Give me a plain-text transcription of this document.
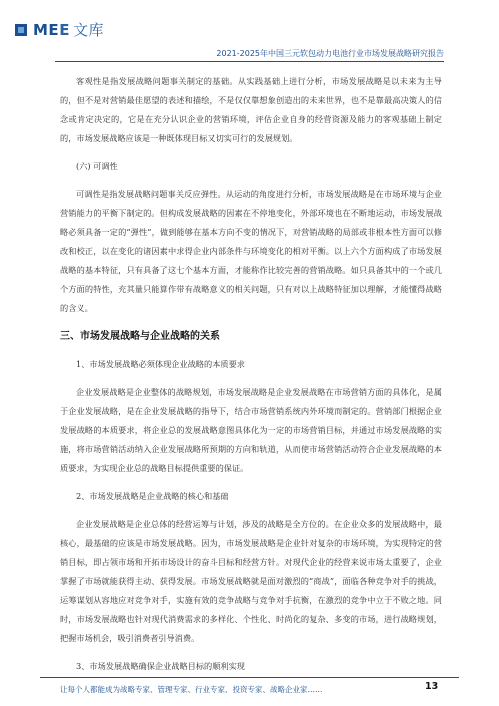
MEE 文库
2021-2025年中国三元软包动力电池行业市场发展战略研究报告

客观性是指发展战略问题事关制定的基础。从实践基础上进行分析，市场发展战略是以未来为主导的，但不是对营销最佳愿望的表述和描绘，不是仅仅靠想象创造出的未来世界，也不是靠最高决策人的信念或肯定决定的，它是在充分认识企业的营销环境，评估企业自身的经营资源及能力的客观基础上制定的，市场发展战略应该是一种既体现目标又切实可行的发展规划。

(六) 可调性

可调性是指发展战略问题事关反应弹性。从运动的角度进行分析，市场发展战略是在市场环境与企业营销能力的平衡下制定的。但构成发展战略的因素在不停地变化，外部环境也在不断地运动，市场发展战略必须具备一定的“弹性”，做到能够在基本方向不变的情况下，对营销战略的局部或非根本性方面可以修改和校正，以在变化的诸因素中求得企业内部条件与环境变化的相对平衡。以上六个方面构成了市场发展战略的基本特征，只有具备了这七个基本方面，才能称作比较完善的营销战略。如只具备其中的一个或几个方面的特性，充其量只能算作带有战略意义的相关问题，只有对以上战略特征加以理解，才能懂得战略的含义。

三、市场发展战略与企业战略的关系

1、市场发展战略必须体现企业战略的本质要求

企业发展战略是企业整体的战略规划，市场发展战略是企业发展战略在市场营销方面的具体化，是属于企业发展战略，是在企业发展战略的指导下，结合市场营销系统内外环境而制定的。营销部门根据企业发展战略的本质要求，将企业总的发展战略意图具体化为一定的市场营销目标，并通过市场发展战略的实施，将市场营销活动纳入企业发展战略所预期的方向和轨道，从而使市场营销活动符合企业发展战略的本质要求，为实现企业总的战略目标提供重要的保证。

2、市场发展战略是企业战略的核心和基础

企业发展战略是企业总体的经营运筹与计划，涉及的战略是全方位的。在企业众多的发展战略中，最核心，最基础的应该是市场发展战略。因为，市场发展战略是企业针对复杂的市场环境，为实现特定的营销目标，即占领市场和开拓市场设计的奋斗目标和经营方针。对现代企业的经营来说市场太重要了，企业掌握了市场就能获得主动、获得发展。市场发展战略就是面对激烈的“商战”，面临各种竞争对手的挑战，运筹谋划从容地应对竞争对手，实施有效的竞争战略与竞争对手抗衡，在激烈的竞争中立于不败之地。同时，市场发展战略也针对现代消费需求的多样化、个性化、时尚化的复杂、多变的市场，进行战略规划，把握市场机会，吸引消费者引导消费。

3、市场发展战略确保企业战略目标的顺利实现

让每个人都能成为战略专家、管理专家、行业专家、投资专家、战略企业家……	13
